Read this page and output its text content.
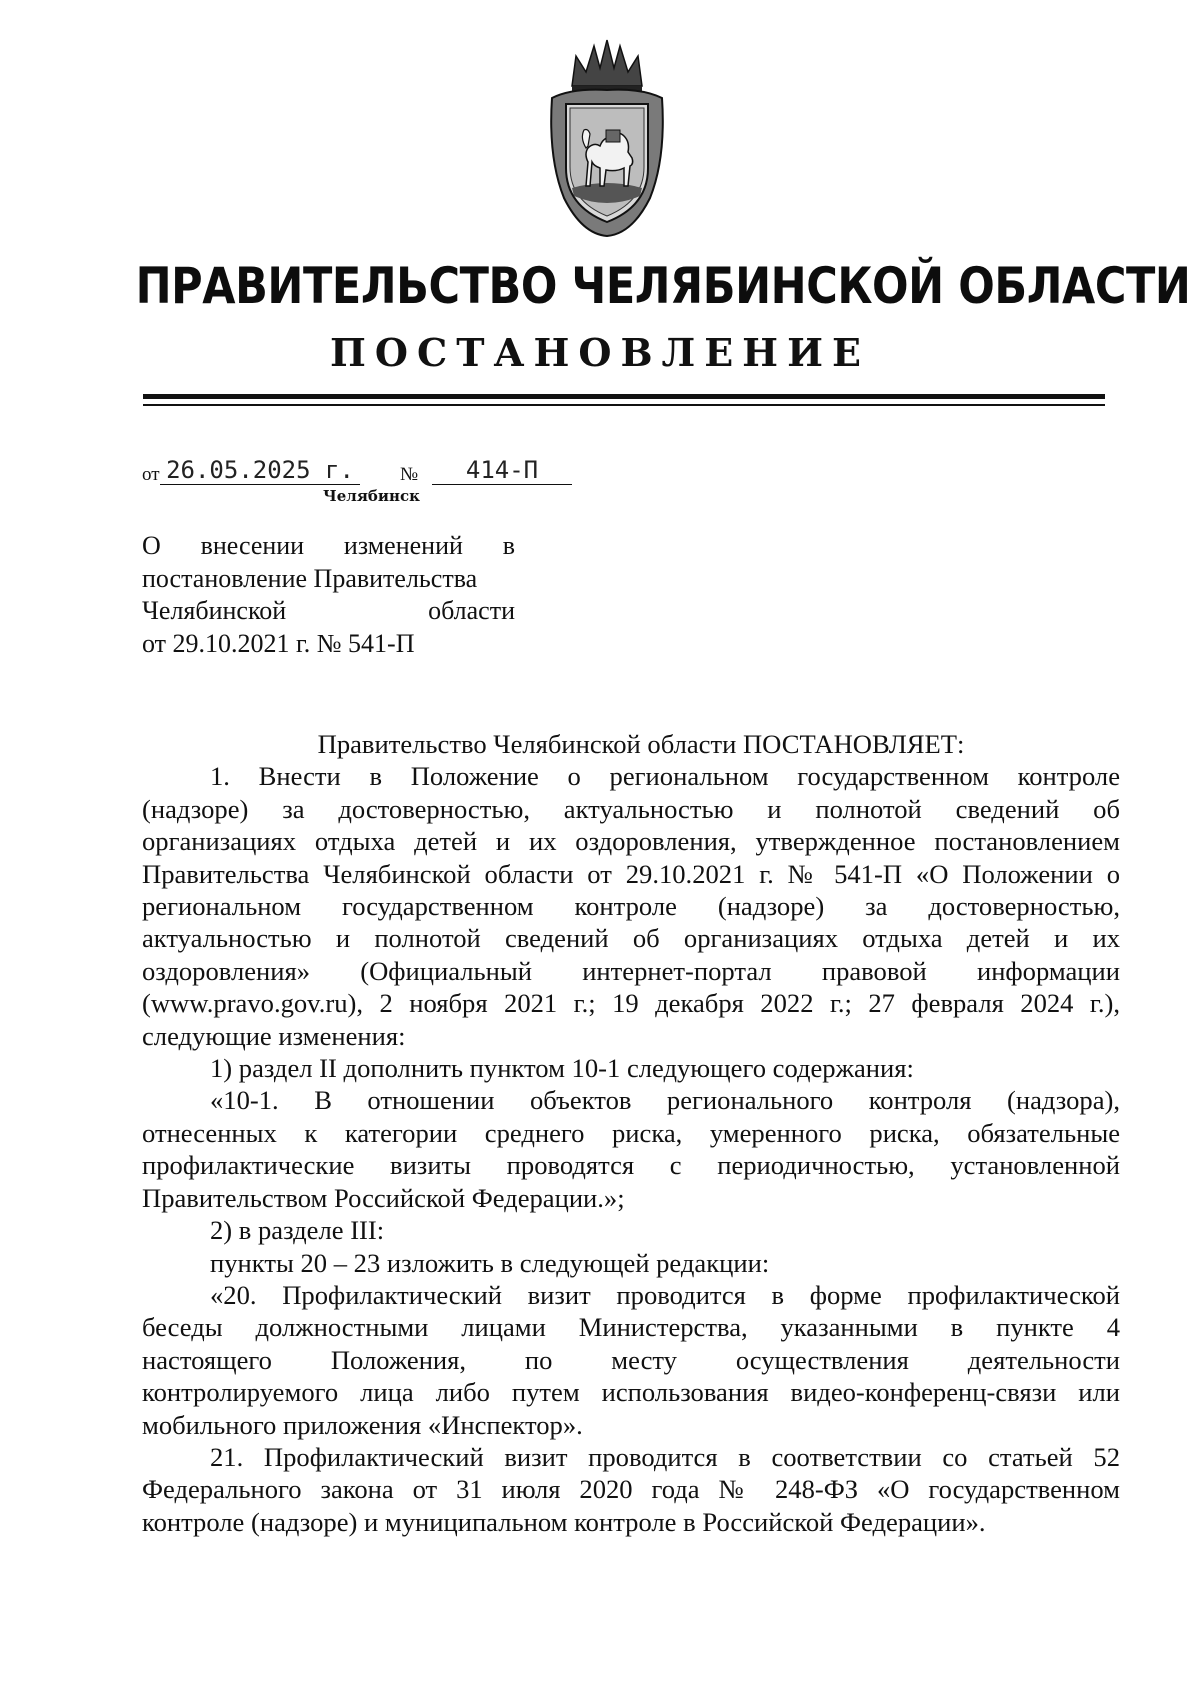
ПРАВИТЕЛЬСТВО ЧЕЛЯБИНСКОЙ ОБЛАСТИ
ПОСТАНОВЛЕНИЕ
от 26.05.2025 г.	№	414-П
Челябинск
О внесении изменений в
постановление Правительства
Челябинской области
от 29.10.2021 г. № 541-П
Правительство Челябинской области ПОСТАНОВЛЯЕТ:
1. Внести в Положение о региональном государственном контроле
(надзоре) за достоверностью, актуальностью и полнотой сведений об
организациях отдыха детей и их оздоровления, утвержденное постановлением
Правительства Челябинской области от 29.10.2021 г. № 541-П «О Положении о
региональном государственном контроле (надзоре) за достоверностью,
актуальностью и полнотой сведений об организациях отдыха детей и их
оздоровления» (Официальный интернет-портал правовой информации
(www.pravo.gov.ru), 2 ноября 2021 г.; 19 декабря 2022 г.; 27 февраля 2024 г.),
следующие изменения:
1) раздел II дополнить пунктом 10-1 следующего содержания:
«10-1. В отношении объектов регионального контроля (надзора),
отнесенных к категории среднего риска, умеренного риска, обязательные
профилактические визиты проводятся с периодичностью, установленной
Правительством Российской Федерации.»;
2) в разделе III:
пункты 20 – 23 изложить в следующей редакции:
«20. Профилактический визит проводится в форме профилактической
беседы должностными лицами Министерства, указанными в пункте 4
настоящего Положения, по месту осуществления деятельности
контролируемого лица либо путем использования видео-конференц-связи или
мобильного приложения «Инспектор».
21. Профилактический визит проводится в соответствии со статьей 52
Федерального закона от 31 июля 2020 года № 248-ФЗ «О государственном
контроле (надзоре) и муниципальном контроле в Российской Федерации».
